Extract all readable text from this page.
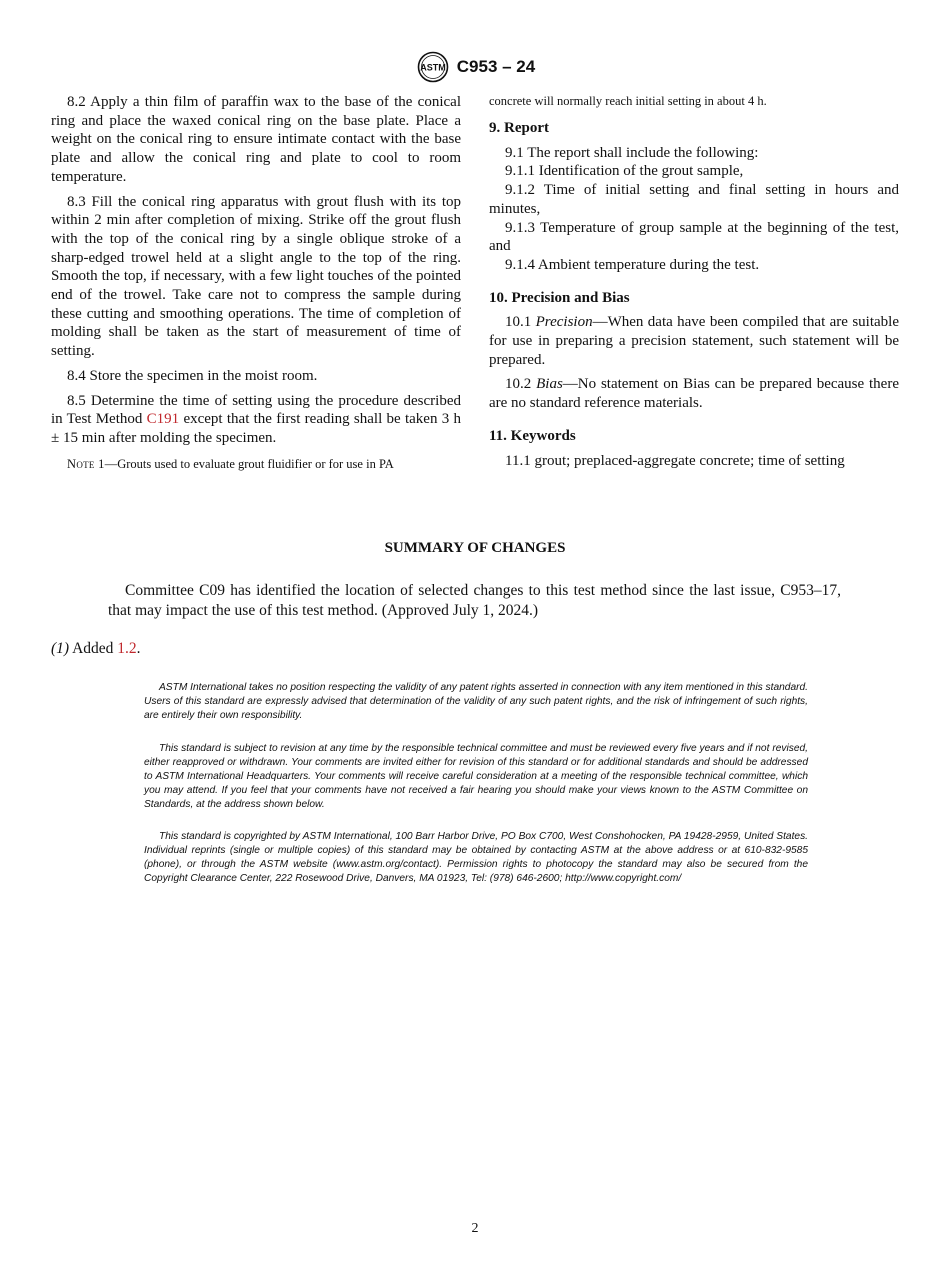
ASTM C953 – 24

8.2 Apply a thin film of paraffin wax to the base of the conical ring and place the waxed conical ring on the base plate. Place a weight on the conical ring to ensure intimate contact with the base plate and allow the conical ring and plate to cool to room temperature.

8.3 Fill the conical ring apparatus with grout flush with its top within 2 min after completion of mixing. Strike off the grout flush with the top of the conical ring by a single oblique stroke of a sharp-edged trowel held at a slight angle to the top of the ring. Smooth the top, if necessary, with a few light touches of the pointed end of the trowel. Take care not to compress the sample during these cutting and smoothing operations. The time of completion of molding shall be taken as the start of measurement of time of setting.

8.4 Store the specimen in the moist room.

8.5 Determine the time of setting using the procedure described in Test Method C191 except that the first reading shall be taken 3 h ± 15 min after molding the specimen.

Note 1—Grouts used to evaluate grout fluidifier or for use in PA

concrete will normally reach initial setting in about 4 h.

9. Report

9.1 The report shall include the following:

9.1.1 Identification of the grout sample,

9.1.2 Time of initial setting and final setting in hours and minutes,

9.1.3 Temperature of group sample at the beginning of the test, and

9.1.4 Ambient temperature during the test.

10. Precision and Bias

10.1 Precision—When data have been compiled that are suitable for use in preparing a precision statement, such statement will be prepared.

10.2 Bias—No statement on Bias can be prepared because there are no standard reference materials.

11. Keywords

11.1 grout; preplaced-aggregate concrete; time of setting

SUMMARY OF CHANGES

Committee C09 has identified the location of selected changes to this test method since the last issue, C953–17, that may impact the use of this test method. (Approved July 1, 2024.)

(1) Added 1.2.

ASTM International takes no position respecting the validity of any patent rights asserted in connection with any item mentioned in this standard. Users of this standard are expressly advised that determination of the validity of any such patent rights, and the risk of infringement of such rights, are entirely their own responsibility.

This standard is subject to revision at any time by the responsible technical committee and must be reviewed every five years and if not revised, either reapproved or withdrawn. Your comments are invited either for revision of this standard or for additional standards and should be addressed to ASTM International Headquarters. Your comments will receive careful consideration at a meeting of the responsible technical committee, which you may attend. If you feel that your comments have not received a fair hearing you should make your views known to the ASTM Committee on Standards, at the address shown below.

This standard is copyrighted by ASTM International, 100 Barr Harbor Drive, PO Box C700, West Conshohocken, PA 19428-2959, United States. Individual reprints (single or multiple copies) of this standard may be obtained by contacting ASTM at the above address or at 610-832-9585 (phone), or through the ASTM website (www.astm.org/contact). Permission rights to photocopy the standard may also be secured from the Copyright Clearance Center, 222 Rosewood Drive, Danvers, MA 01923, Tel: (978) 646-2600; http://www.copyright.com/

2
